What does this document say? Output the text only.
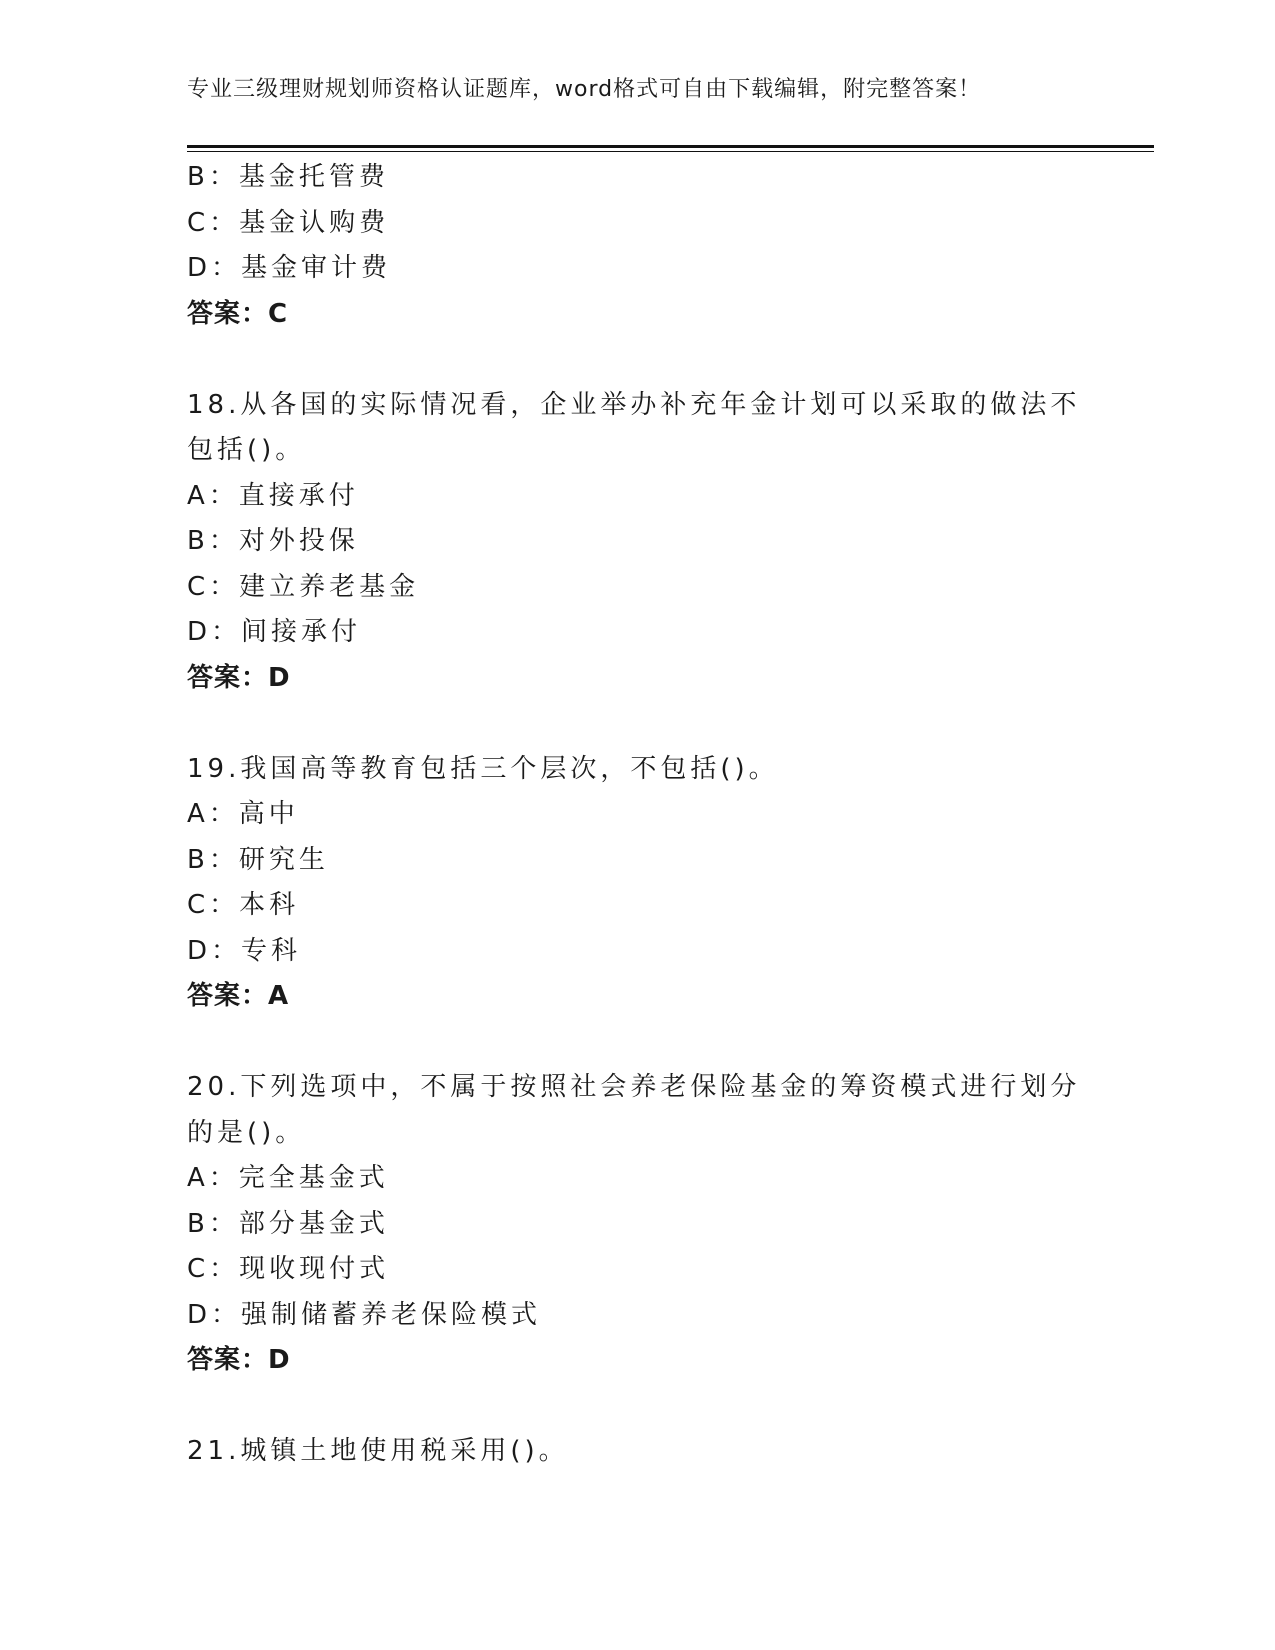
专业三级理财规划师资格认证题库，word格式可自由下载编辑，附完整答案！
B：基金托管费
C：基金认购费
D：基金审计费
答案：C
18.从各国的实际情况看，企业举办补充年金计划可以采取的做法不包括()。
A：直接承付
B：对外投保
C：建立养老基金
D：间接承付
答案：D
19.我国高等教育包括三个层次，不包括()。
A：高中
B：研究生
C：本科
D：专科
答案：A
20.下列选项中，不属于按照社会养老保险基金的筹资模式进行划分的是()。
A：完全基金式
B：部分基金式
C：现收现付式
D：强制储蓄养老保险模式
答案：D
21.城镇土地使用税采用()。
